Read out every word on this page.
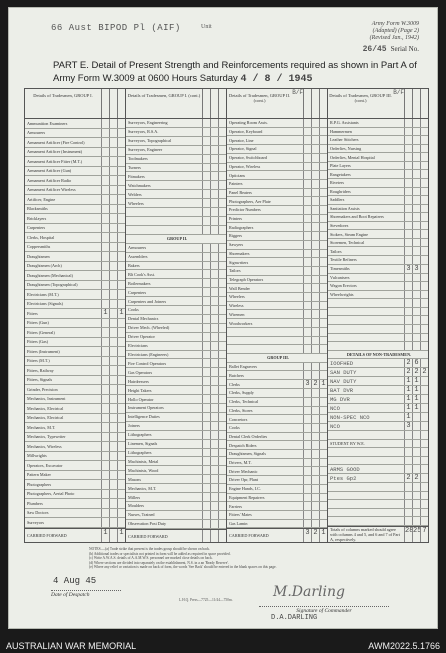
66 Aust BIPOD Pl (AIF)	Unit	Army Form W.3009
(Adapted) (Page 2)
(Revised Jan., 1942)
26/45 Serial No.
PART E. Detail of Present Strength and Reinforcements required as shown in Part A of Army Form W.3009 at 0600 Hours Saturday 4 / 8 / 1945
Details of Tradesmen, GROUP I.
Ammunition Examiners
Armourers
Armament Artificer (Fire Control)
Armament Artificer (Instrument)
Armament Artificer Fitter (M.T.)
Armament Artificer (Gun)
Armament Artificer Radio
Armament Artificer Wireless
Artificer, Engine
Blacksmiths
Bricklayers
Carpenters
Clerks, Hospital
Coppersmiths
Draughtsmen
Draughtsmen (Arch)
Draughtsmen (Mechanical)
Draughtsmen (Topographical)
Electricians (M.T.)
Electricians (Signals)
Fitters	1	1
Fitters (Gun)
Fitters (General)
Fitters (Gas)
Fitters (Instrument)
Fitters (M.T.)
Fitters, Railway
Fitters, Signals
Grinder, Precision
Mechanics, Instrument
Mechanics, Electrical
Mechanics, Electrical
Mechanics, M.T.
Mechanics, Typewriter
Mechanics, Wireless
Millwrights
Operators, Excavator
Pattern Maker
Photographers
Photographers, Aerial Photo
Plumbers
Saw Doctors
Surveyors
CARRIED FORWARD	1	1
Details of Tradesmen, GROUP I. (cont.)
Surveyors, Engineering
Surveyors, R.S.A.
Surveyors, Topographical
Surveyors, Engineer
Toolmakers
Turners
Fitmakers
Watchmakers
Welders
Wheelers
GROUP II.
Armourers
Assemblers
Bakers
Blt Cook's Asst.
Boilermakers
Carpenters
Carpenters and Joiners
Cooks
Dental Mechanics
Driver Mech. (Wheeled)
Driver Operator
Electricians
Electricians (Engineers)
Fire Control Operators
Gas Operators
Hairdressers
Height Takers
Hollo Operator
Instrument Operators
Intelligence Duties
Joiners
Lithographers
Linemen, Signals
Lithographers
Machinists, Metal
Machinists, Wood
Masons
Mechanics, M.T.
Millers
Moulders
Nurses, Trained
Observation Post Duty
CARRIED FORWARD
Details of Tradesmen, GROUP II. (cont.)
B/F
Operating Room Assts.
Operator, Keyboard
Operator, Line
Operator, Signal
Operator, Switchboard
Operator, Wireless
Opticians
Painters
Panel Beaters
Photographers, Aer Plate
Predictor Numbers
Printers
Radiographers
Riggers
Sawyers
Shoemakers
Signwriters
Tailors
Telegraph Operators
Wall Bender
Wheelers
Wireless
Wiremen
Woodworkers
GROUP III.
Ballet Engravers
Butchers
Clerks	3 2 1
Clerks, Supply
Clerks, Technical
Clerks, Stores
Concretors
Cooks
Dental Clerk Orderlies
Despatch Riders
Draughtsmen, Signals
Drivers, M.T.
Driver Mechanic
Driver Opr, Plant
Engine Hands, I.C.
Equipment Repairers
Farriers
Fitters' Mates
Gas Lamin
CARRIED FORWARD	3 2 1
Details of Tradesmen, GROUP III. (cont.)
B/F
R.P.G. Assistants
Hammermen
Leather Stitchers
Orderlies, Nursing
Orderlies, Mental Hospital
Plate Layers
Rangetakers
Riveters
Roughriders
Saddlers
Sanitation Assists
Shoemakers and Boot Repairers
Stevedores
Stokers, Steam Engine
Storemen, Technical
Tailors
Textile Refiners
Timesmiths	3 3
Vulcanisers
Wagon Erectors
Wheelwrights
DETAILS OF NON-TRADESMEN.
IOOFHED	2 6
SAN DUTY	2 2 2
NAV DUTY	1 1
BAT DVR	1 1
MG DVR	1 1
NCO	1 1
NON-SPEC NCO	1
NCO	3
STUDENT BY W.E.
ARMS GOOD
Ptes Gp2	2 2
Totals of columns marked should agree with columns 4 and 5, and 6 and 7 of Part A, respectively.
28 25 7
NOTES.—(a) Trade strike that present is the trades group should be shown on back.
(b) Additional trades or specialists not printed in form will be added as required in space provided.
(c) Write A.W.A.S. details of A.A.M.W.S. personnel are marked close details on back.
(d) Where sections are divided into separately on the establishment, N.S. in a an 'Ready Reserve'.
(e) Where any relief or variation is made on back of form, the words 'See Back' should be entered in the blank spaces on this page.
4 Aug 45
Date of Despatch
L.H.Q. Press—7725—11/44—750m.	M.Darling
Signature of Commander
D.A.DARLING
AUSTRALIAN WAR MEMORIAL	AWM2022.5.1766
